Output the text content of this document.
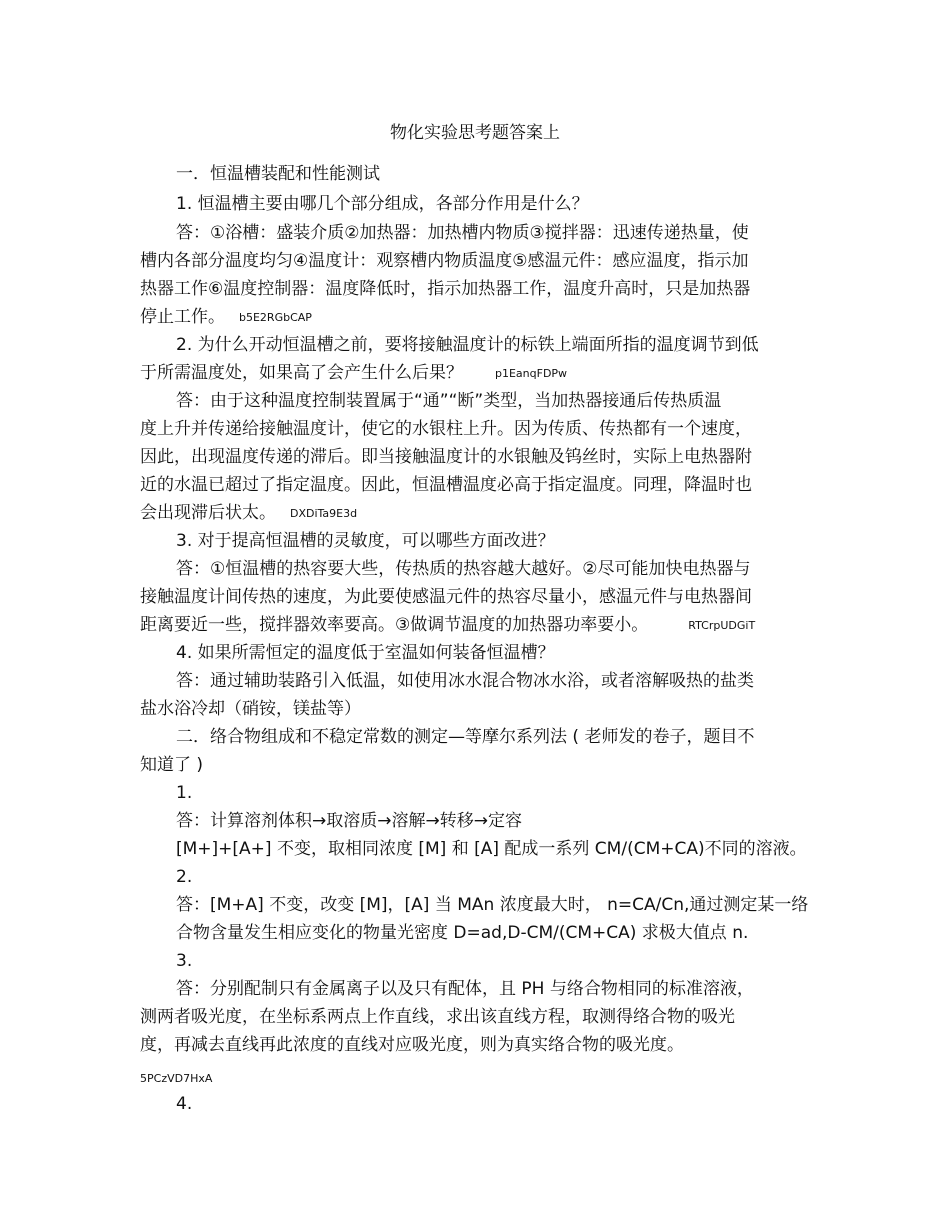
物化实验思考题答案上
一．恒温槽装配和性能测试
1. 恒温槽主要由哪几个部分组成，各部分作用是什么？
答：①浴槽：盛装介质②加热器：加热槽内物质③搅拌器：迅速传递热量，使
槽内各部分温度均匀④温度计：观察槽内物质温度⑤感温元件：感应温度，指示加
热器工作⑥温度控制器：温度降低时，指示加热器工作，温度升高时，只是加热器
停止工作。 b5E2RGbCAP
2. 为什么开动恒温槽之前，要将接触温度计的标铁上端面所指的温度调节到低
于所需温度处，如果高了会产生什么后果？	p1EanqFDPw
答：由于这种温度控制装置属于“通”“断”类型，当加热器接通后传热质温
度上升并传递给接触温度计，使它的水银柱上升。因为传质、传热都有一个速度，
因此，出现温度传递的滞后。即当接触温度计的水银触及钨丝时，实际上电热器附
近的水温已超过了指定温度。因此，恒温槽温度必高于指定温度。同理，降温时也
会出现滞后状太。 DXDiTa9E3d
3. 对于提高恒温槽的灵敏度，可以哪些方面改进？
答：①恒温槽的热容要大些，传热质的热容越大越好。②尽可能加快电热器与
接触温度计间传热的速度，为此要使感温元件的热容尽量小，感温元件与电热器间
距离要近一些，搅拌器效率要高。③做调节温度的加热器功率要小。	RTCrpUDGiT
4. 如果所需恒定的温度低于室温如何装备恒温槽？
答：通过辅助装路引入低温，如使用冰水混合物冰水浴，或者溶解吸热的盐类
盐水浴冷却（硝铵，镁盐等）
二．络合物组成和不稳定常数的测定—等摩尔系列法 ( 老师发的卷子，题目不
知道了 )
1.
答：计算溶剂体积→取溶质→溶解→转移→定容
[M+]+[A+] 不变，取相同浓度 [M] 和 [A] 配成一系列 CM/(CM+CA)不同的溶液。
2.
答：[M+A] 不变，改变 [M]，[A] 当 MAn 浓度最大时， n=CA/Cn,通过测定某一络
合物含量发生相应变化的物量光密度 D=ad,D-CM/(CM+CA) 求极大值点 n.
3.
答：分别配制只有金属离子以及只有配体，且 PH 与络合物相同的标准溶液，
测两者吸光度，在坐标系两点上作直线，求出该直线方程，取测得络合物的吸光
度，再减去直线再此浓度的直线对应吸光度，则为真实络合物的吸光度。
5PCzVD7HxA
4.
